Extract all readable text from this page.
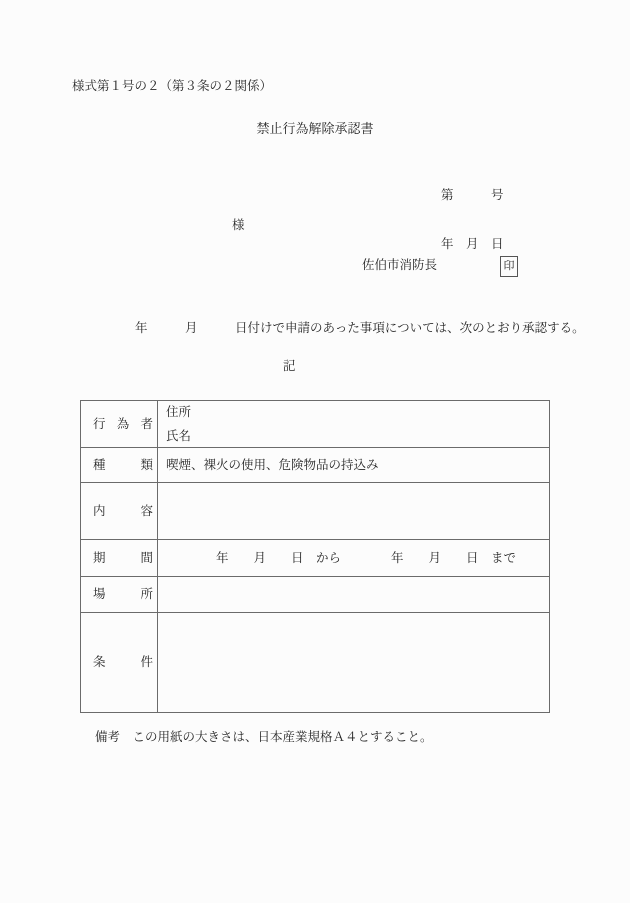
様式第１号の２（第３条の２関係）
禁止行為解除承認書

第　　　号

年　月　日

様
佐伯市消防長	印
年　　　月　　　日付けで申請のあった事項については、次のとおり承認する。
記
行 為 者
住所
氏名
種	類 喫煙、裸火の使用、危険物品の持込み
内	容
期	間 　　　　年　　月　　日　から　　　　年　　月　　日　まで
場	所
条	件
備考　この用紙の大きさは、日本産業規格Ａ４とすること。
